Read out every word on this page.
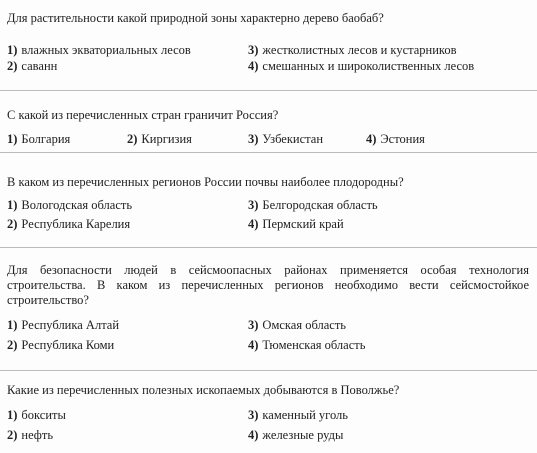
Для растительности какой природной зоны характерно дерево баобаб?

1) влажных экваториальных лесов
2) саванн
3) жестколистных лесов и кустарников
4) смешанных и широколиственных лесов

С какой из перечисленных стран граничит Россия?

1) Болгария	2) Киргизия	3) Узбекистан	4) Эстония

В каком из перечисленных регионов России почвы наиболее плодородны?

1) Вологодская область
2) Республика Карелия
3) Белгородская область
4) Пермский край

Для безопасности людей в сейсмоопасных районах применяется особая технология строительства. В каком из перечисленных регионов необходимо вести сейсмостойкое строительство?

1) Республика Алтай
2) Республика Коми
3) Омская область
4) Тюменская область

Какие из перечисленных полезных ископаемых добываются в Поволжье?

1) бокситы
2) нефть
3) каменный уголь
4) железные руды
